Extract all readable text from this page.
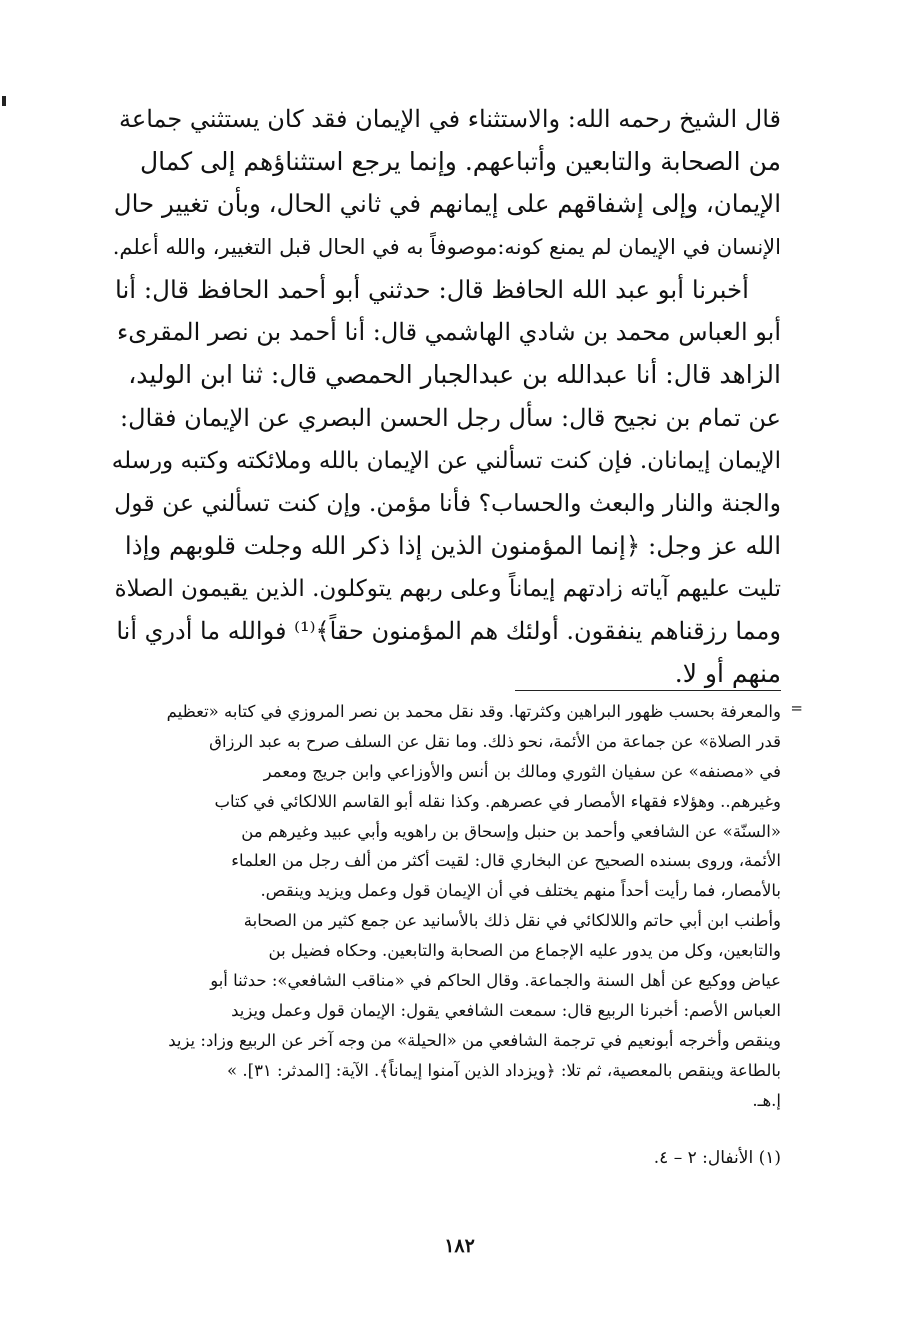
قال الشيخ رحمه الله: والاستثناء في الإيمان فقد كان يستثني جماعة
من الصحابة والتابعين وأتباعهم. وإنما يرجع استثناؤهم إلى كمال
الإيمان، وإلى إشفاقهم على إيمانهم في ثاني الحال، وبأن تغيير حال
الإنسان في الإيمان لم يمنع كونه:موصوفاً به في الحال قبل التغيير، والله أعلم.
أخبرنا أبو عبد الله الحافظ قال: حدثني أبو أحمد الحافظ قال: أنا
أبو العباس محمد بن شادي الهاشمي قال: أنا أحمد بن نصر المقرىء
الزاهد قال: أنا عبدالله بن عبدالجبار الحمصي قال: ثنا ابن الوليد،
عن تمام بن نجيح قال: سأل رجل الحسن البصري عن الإيمان فقال:
الإيمان إيمانان. فإن كنت تسألني عن الإيمان بالله وملائكته وكتبه ورسله
والجنة والنار والبعث والحساب؟ فأنا مؤمن. وإن كنت تسألني عن قول
الله عز وجل: ﴿إنما المؤمنون الذين إذا ذكر الله وجلت قلوبهم وإذا
تليت عليهم آياته زادتهم إيماناً وعلى ربهم يتوكلون. الذين يقيمون الصلاة
ومما رزقناهم ينفقون. أولئك هم المؤمنون حقاً﴾⁽¹⁾ فوالله ما أدري أنا
منهم أو لا.
=
والمعرفة بحسب ظهور البراهين وكثرتها. وقد نقل محمد بن نصر المروزي في كتابه «تعظيم
قدر الصلاة» عن جماعة من الأئمة، نحو ذلك. وما نقل عن السلف صرح به عبد الرزاق
في «مصنفه» عن سفيان الثوري ومالك بن أنس والأوزاعي وابن جريج ومعمر
وغيرهم.. وهؤلاء فقهاء الأمصار في عصرهم. وكذا نقله أبو القاسم اللالكائي في كتاب
«السنّة» عن الشافعي وأحمد بن حنبل وإسحاق بن راهويه وأبي عبيد وغيرهم من
الأئمة، وروى بسنده الصحيح عن البخاري قال: لقيت أكثر من ألف رجل من العلماء
بالأمصار، فما رأيت أحداً منهم يختلف في أن الإيمان قول وعمل ويزيد وينقص.
وأطنب ابن أبي حاتم واللالكائي في نقل ذلك بالأسانيد عن جمع كثير من الصحابة
والتابعين، وكل من يدور عليه الإجماع من الصحابة والتابعين. وحكاه فضيل بن
عياض ووكيع عن أهل السنة والجماعة. وقال الحاكم في «مناقب الشافعي»: حدثنا أبو
العباس الأصم: أخبرنا الربيع قال: سمعت الشافعي يقول: الإيمان قول وعمل ويزيد
وينقص وأخرجه أبونعيم في ترجمة الشافعي من «الحيلة» من وجه آخر عن الربيع وزاد: يزيد
بالطاعة وينقص بالمعصية، ثم تلا: ﴿ويزداد الذين آمنوا إيماناً﴾. الآية: [المدثر: ٣١]. »
إ.هـ.
(١) الأنفال: ٢ – ٤.
١٨٢
